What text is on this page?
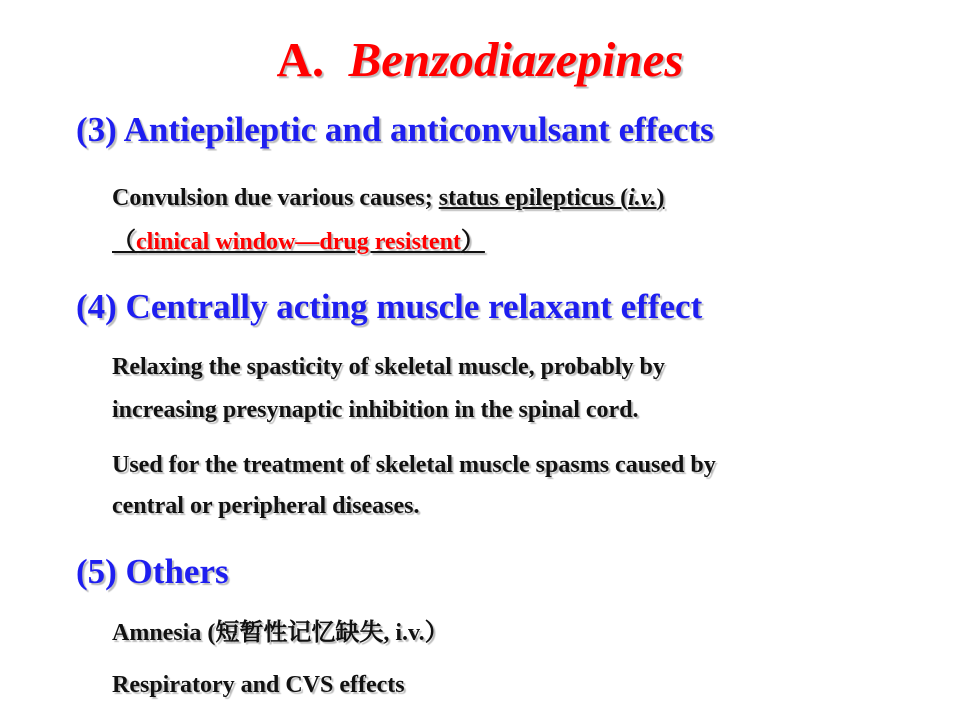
A. Benzodiazepines
(3) Antiepileptic and anticonvulsant effects
Convulsion due various causes; status epilepticus (i.v.)
（clinical window—drug resistent）
(4) Centrally acting muscle relaxant effect
Relaxing the spasticity of skeletal muscle, probably by
increasing presynaptic inhibition in the spinal cord.
Used for the treatment of skeletal muscle spasms caused by
central or peripheral diseases.
(5) Others
Amnesia (短暂性记忆缺失, i.v.）
Respiratory and CVS effects
